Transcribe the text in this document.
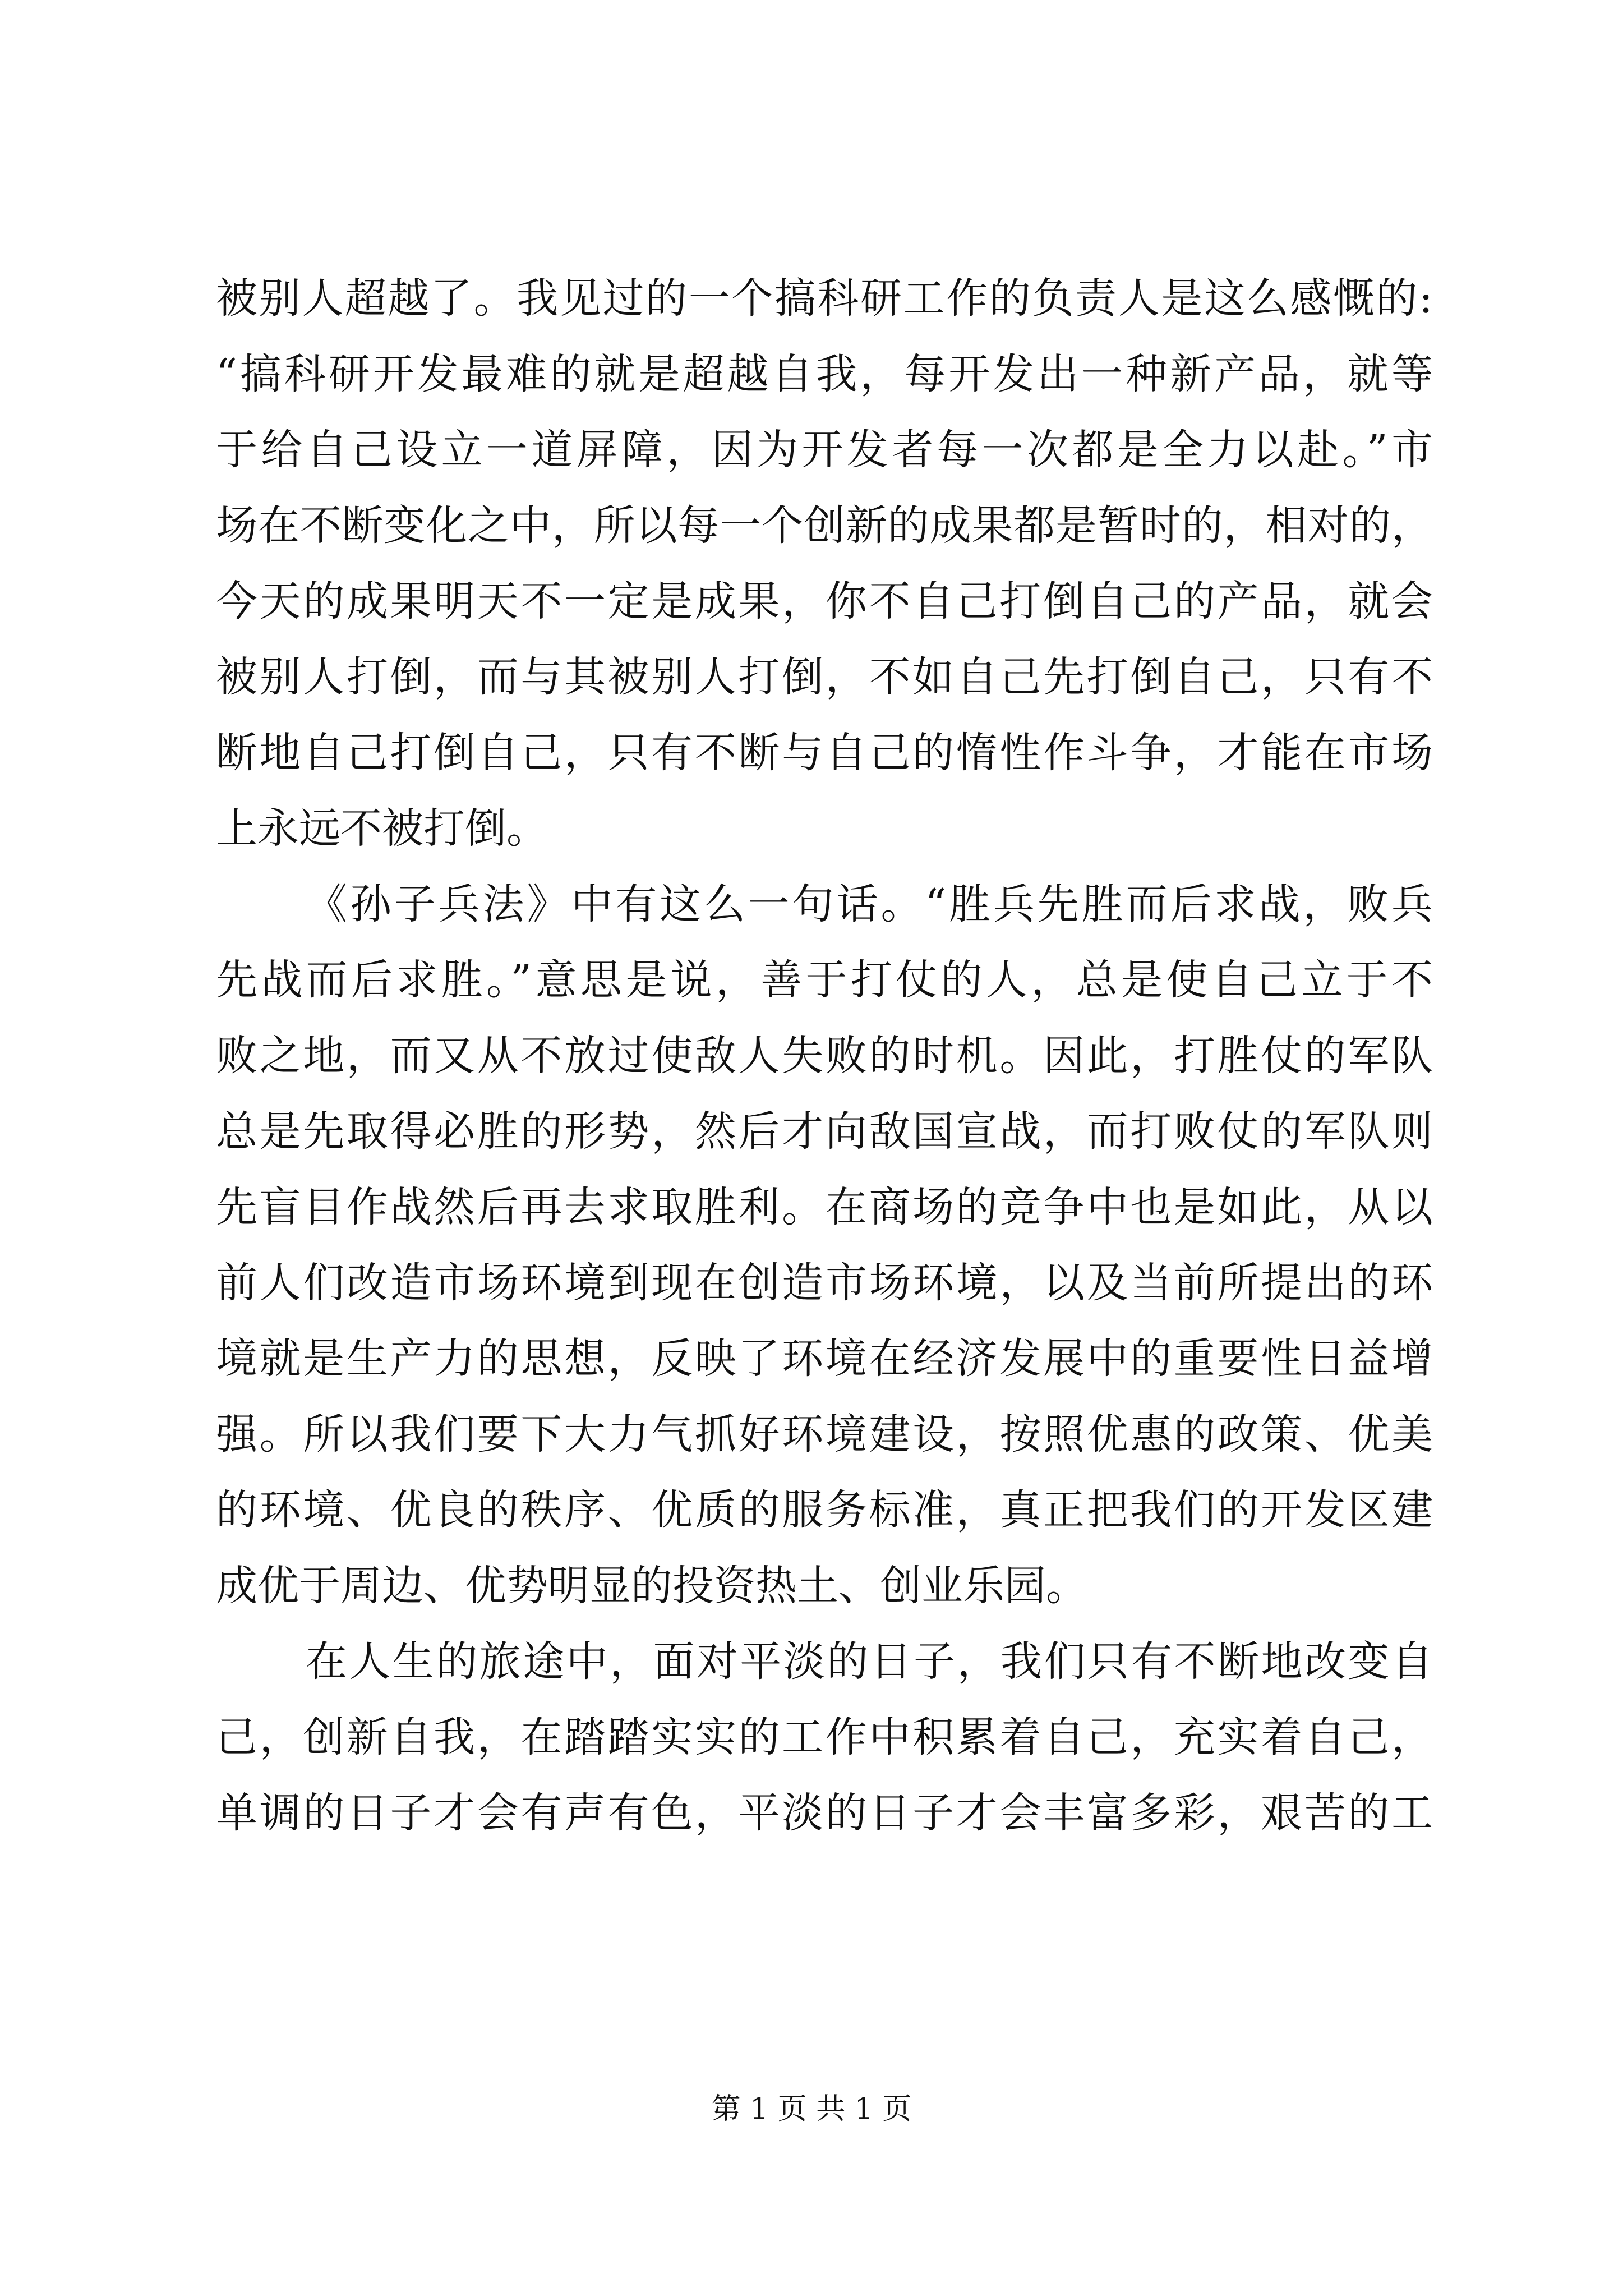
被别人超越了。我见过的一个搞科研工作的负责人是这么感慨的:
“搞科研开发最难的就是超越自我，每开发出一种新产品，就等
于给自己设立一道屏障，因为开发者每一次都是全力以赴。”市
场在不断变化之中，所以每一个创新的成果都是暂时的，相对的，
今天的成果明天不一定是成果，你不自己打倒自己的产品，就会
被别人打倒，而与其被别人打倒，不如自己先打倒自己，只有不
断地自己打倒自己，只有不断与自己的惰性作斗争，才能在市场
上永远不被打倒。
《孙子兵法》中有这么一句话。“胜兵先胜而后求战，败兵
先战而后求胜。”意思是说，善于打仗的人，总是使自己立于不
败之地，而又从不放过使敌人失败的时机。因此，打胜仗的军队
总是先取得必胜的形势，然后才向敌国宣战，而打败仗的军队则
先盲目作战然后再去求取胜利。在商场的竞争中也是如此，从以
前人们改造市场环境到现在创造市场环境，以及当前所提出的环
境就是生产力的思想，反映了环境在经济发展中的重要性日益增
强。所以我们要下大力气抓好环境建设，按照优惠的政策、优美
的环境、优良的秩序、优质的服务标准，真正把我们的开发区建
成优于周边、优势明显的投资热土、创业乐园。
在人生的旅途中，面对平淡的日子，我们只有不断地改变自
己，创新自我，在踏踏实实的工作中积累着自己，充实着自己，
单调的日子才会有声有色，平淡的日子才会丰富多彩，艰苦的工
第 1 页 共 1 页
